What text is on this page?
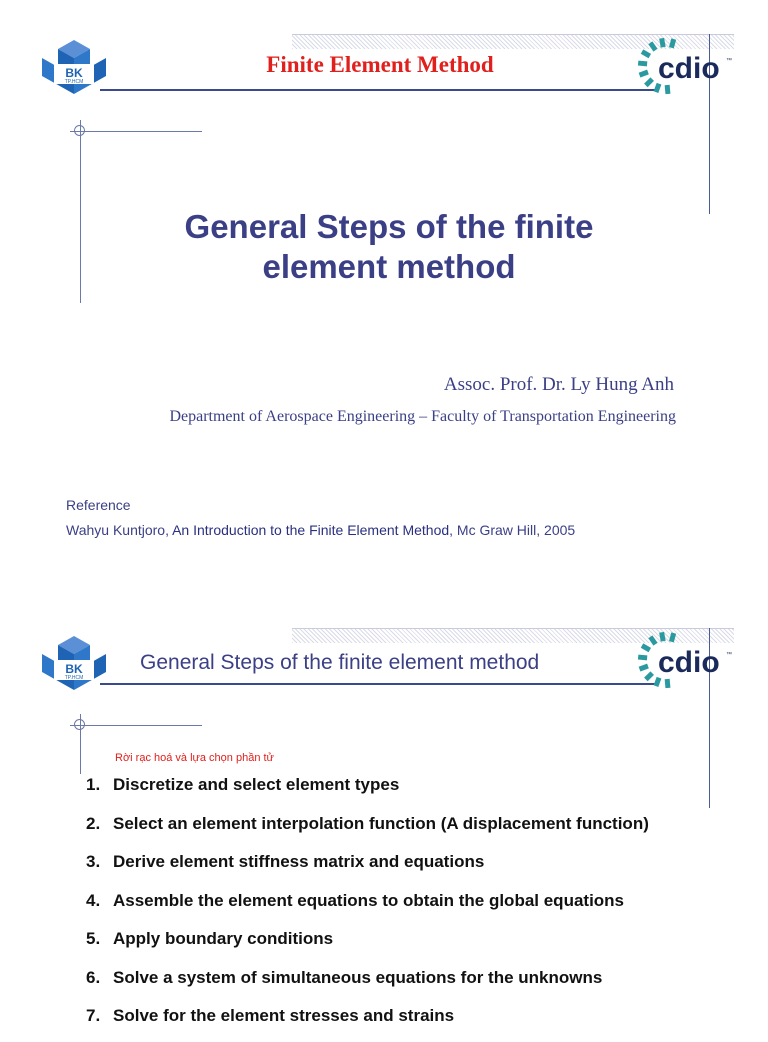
BK
TP.HCM
Finite Element Method	cdio ™
General Steps of the finite
element method
Assoc. Prof. Dr. Ly Hung Anh
Department of Aerospace Engineering – Faculty of Transportation Engineering
Reference
Wahyu Kuntjoro, An Introduction to the Finite Element Method, Mc Graw Hill, 2005
BK
TP.HCM
General Steps of the finite element method	cdio ™
Rời rạc hoá và lựa chọn phần tử
1. Discretize and select element types
2. Select an element interpolation function (A displacement function)
3. Derive element stiffness matrix and equations
4. Assemble the element equations to obtain the global equations
5. Apply boundary conditions
6. Solve a system of simultaneous equations for the unknowns
7. Solve for the element stresses and strains
